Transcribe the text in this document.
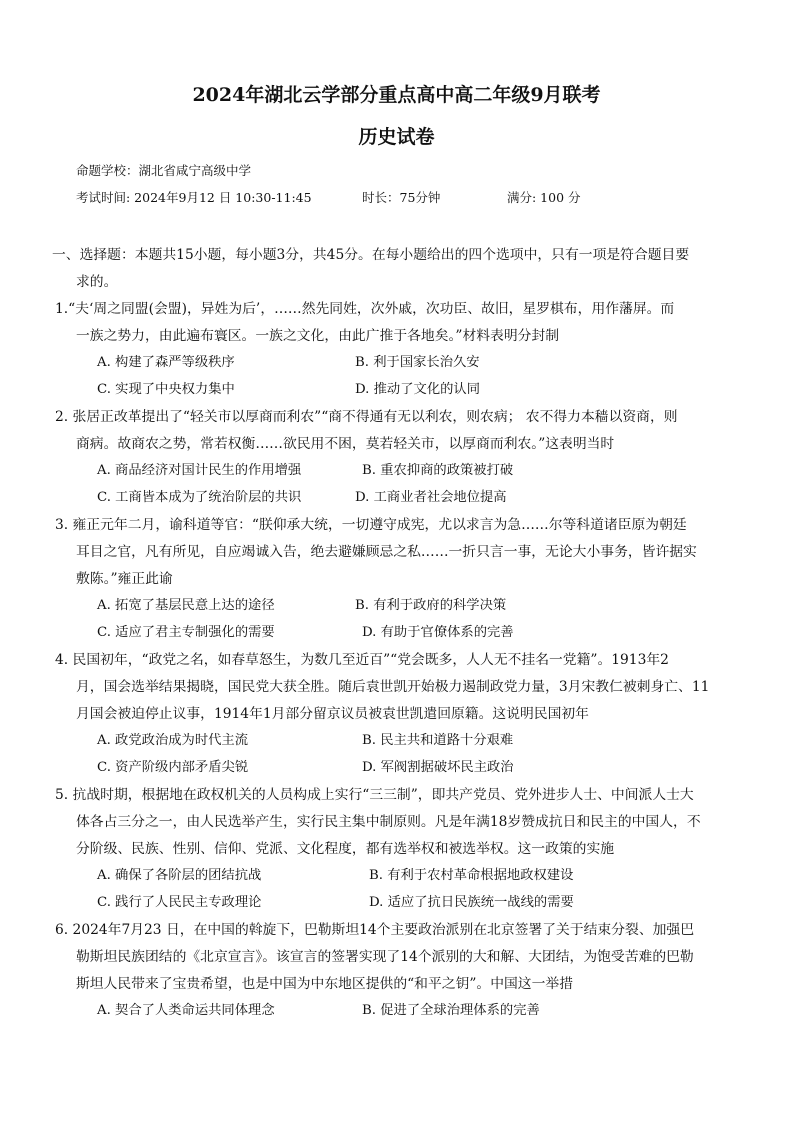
2024年湖北云学部分重点高中高二年级9月联考
历史试卷
命题学校：湖北省咸宁高级中学
考试时间: 2024年9月12 日 10:30-11:45	时长：75分钟	满分: 100 分
一、选择题：本题共15小题，每小题3分，共45分。在每小题给出的四个选项中，只有一项是符合题目要
求的。
1.“夫‘周之同盟(会盟)，异姓为后’，……然先同姓，次外戚，次功臣、故旧，星罗棋布，用作藩屏。而
一族之势力，由此遍布寰区。一族之文化，由此广推于各地矣。”材料表明分封制
A. 构建了森严等级秩序	B. 利于国家长治久安
C. 实现了中央权力集中	D. 推动了文化的认同
2. 张居正改革提出了“轻关市以厚商而利农”“商不得通有无以利农，则农病； 农不得力本穑以资商，则
商病。故商农之势，常若权衡……欲民用不困，莫若轻关市，以厚商而利农。”这表明当时
A. 商品经济对国计民生的作用增强	B. 重农抑商的政策被打破
C. 工商皆本成为了统治阶层的共识	D. 工商业者社会地位提高
3. 雍正元年二月，谕科道等官：“朕仰承大统，一切遵守成宪，尤以求言为急……尔等科道诸臣原为朝廷
耳目之官，凡有所见，自应竭诚入告，绝去避嫌顾忌之私……一折只言一事，无论大小事务，皆许据实
敷陈。”雍正此谕
A. 拓宽了基层民意上达的途径	B. 有利于政府的科学决策
C. 适应了君主专制强化的需要	D. 有助于官僚体系的完善
4. 民国初年，“政党之名，如春草怒生，为数几至近百”“党会既多，人人无不挂名一党籍”。1913年2
月，国会选举结果揭晓，国民党大获全胜。随后袁世凯开始极力遏制政党力量，3月宋教仁被刺身亡、11
月国会被迫停止议事，1914年1月部分留京议员被袁世凯遣回原籍。这说明民国初年
A. 政党政治成为时代主流	B. 民主共和道路十分艰难
C. 资产阶级内部矛盾尖锐	D. 军阀割据破坏民主政治
5. 抗战时期，根据地在政权机关的人员构成上实行“三三制”，即共产党员、党外进步人士、中间派人士大
体各占三分之一，由人民选举产生，实行民主集中制原则。凡是年满18岁赞成抗日和民主的中国人，不
分阶级、民族、性别、信仰、党派、文化程度，都有选举权和被选举权。这一政策的实施
A. 确保了各阶层的团结抗战	B. 有利于农村革命根据地政权建设
C. 践行了人民民主专政理论	D. 适应了抗日民族统一战线的需要
6. 2024年7月23 日，在中国的斡旋下，巴勒斯坦14个主要政治派别在北京签署了关于结束分裂、加强巴
勒斯坦民族团结的《北京宣言》。该宣言的签署实现了14个派别的大和解、大团结，为饱受苦难的巴勒
斯坦人民带来了宝贵希望，也是中国为中东地区提供的“和平之钥”。中国这一举措
A. 契合了人类命运共同体理念	B. 促进了全球治理体系的完善
